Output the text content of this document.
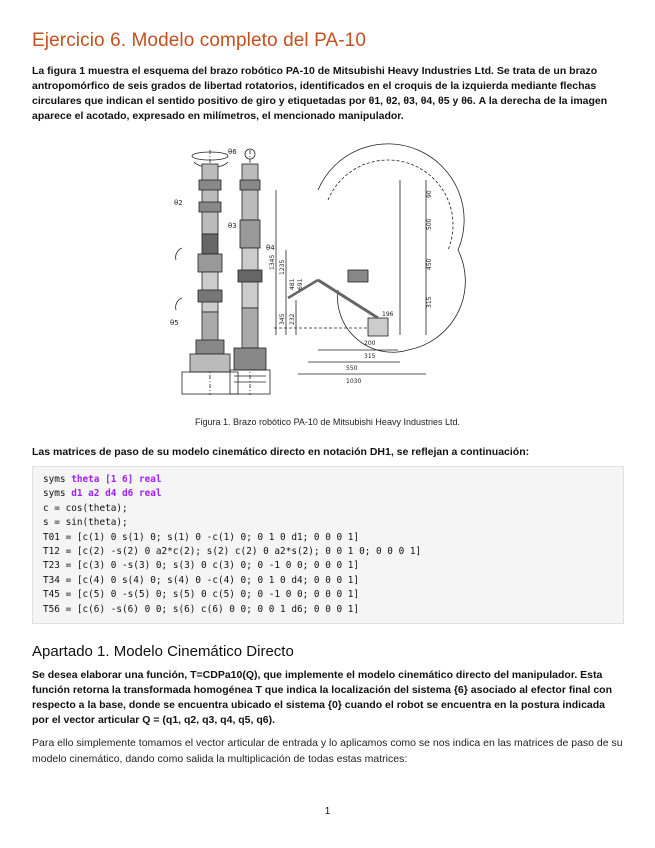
Ejercicio 6. Modelo completo del PA-10

La figura 1 muestra el esquema del brazo robótico PA-10 de Mitsubishi Heavy Industries Ltd. Se trata de un brazo antropomórfico de seis grados de libertad rotatorios, identificados en el croquis de la izquierda mediante flechas circulares que indican el sentido positivo de giro y etiquetadas por θ1, θ2, θ3, θ4, θ5 y θ6. A la derecha de la imagen aparece el acotado, expresado en milímetros, el mencionado manipulador.

θ2
θ3
θ5
θ4
θ6
90
500
450
315
1345 1235
481 691
345 232	196
200
315
550
1030
Figura 1. Brazo robótico PA-10 de Mitsubishi Heavy Industries Ltd.

Las matrices de paso de su modelo cinemático directo en notación DH1, se reflejan a continuación:

syms theta [1 6] real
syms d1 a2 d4 d6 real
c = cos(theta);
s = sin(theta);
T01 = [c(1) 0 s(1) 0; s(1) 0 -c(1) 0; 0 1 0 d1; 0 0 0 1]
T12 = [c(2) -s(2) 0 a2*c(2); s(2) c(2) 0 a2*s(2); 0 0 1 0; 0 0 0 1]
T23 = [c(3) 0 -s(3) 0; s(3) 0 c(3) 0; 0 -1 0 0; 0 0 0 1]
T34 = [c(4) 0 s(4) 0; s(4) 0 -c(4) 0; 0 1 0 d4; 0 0 0 1]
T45 = [c(5) 0 -s(5) 0; s(5) 0 c(5) 0; 0 -1 0 0; 0 0 0 1]
T56 = [c(6) -s(6) 0 0; s(6) c(6) 0 0; 0 0 1 d6; 0 0 0 1]
Apartado 1. Modelo Cinemático Directo

Se desea elaborar una función, T=CDPa10(Q), que implemente el modelo cinemático directo del manipulador. Esta función retorna la transformada homogénea T que indica la localización del sistema {6} asociado al efector final con respecto a la base, donde se encuentra ubicado el sistema {0} cuando el robot se encuentra en la postura indicada por el vector articular Q = (q1, q2, q3, q4, q5, q6).

Para ello simplemente tomamos el vector articular de entrada y lo aplicamos como se nos indica en las matrices de paso de su modelo cinemático, dando como salida la multiplicación de todas estas matrices:

1
